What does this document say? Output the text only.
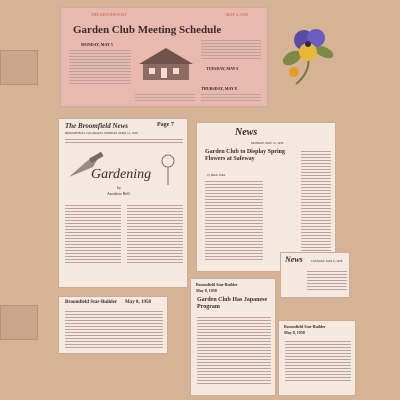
THE DENVER POST	MAY 4, 1958
Garden Club Meeting Schedule
MONDAY, MAY 5
THURSDAY, MAY 8
TUESDAY, MAY 6
The Broomfield News	Page 7
BROOMFIELD, COLORADO, MONDAY APRIL 14, 1958
Gardening
by
Anodrew Bell
News
MONDAY, MAY 12, 1958
Garden Club to Display Spring Flowers at Safeway
by Helen Teller
News	TUESDAY, MAY 6, 1958
Broomfield Star-Builder May 8, 1958
Broomfield Star-Builder
May 8, 1958
Garden Club Has Japanese Program
Broomfield Star-Builder
May 8, 1958
